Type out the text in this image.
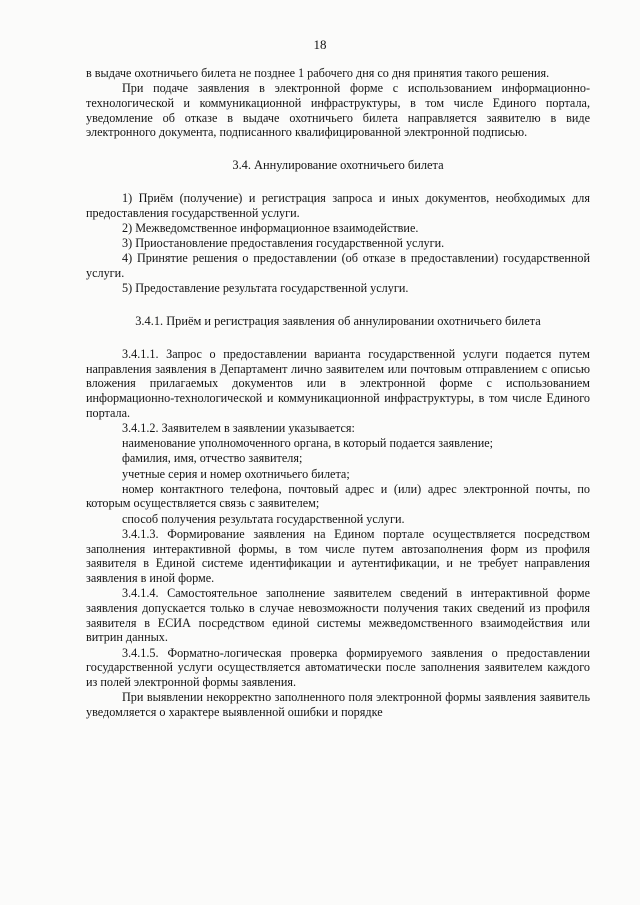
18

в выдаче охотничьего билета не позднее 1 рабочего дня со дня принятия такого решения.

При подаче заявления в электронной форме с использованием информационно-технологической и коммуникационной инфраструктуры, в том числе Единого портала, уведомление об отказе в выдаче охотничьего билета направляется заявителю в виде электронного документа, подписанного квалифицированной электронной подписью.

3.4. Аннулирование охотничьего билета

1) Приём (получение) и регистрация запроса и иных документов, необходимых для предоставления государственной услуги.

2) Межведомственное информационное взаимодействие.

3) Приостановление предоставления государственной услуги.

4) Принятие решения о предоставлении (об отказе в предоставлении) государственной услуги.

5) Предоставление результата государственной услуги.

3.4.1. Приём и регистрация заявления об аннулировании охотничьего билета

3.4.1.1. Запрос о предоставлении варианта государственной услуги подается путем направления заявления в Департамент лично заявителем или почтовым отправлением с описью вложения прилагаемых документов или в электронной форме с использованием информационно-технологической и коммуникационной инфраструктуры, в том числе Единого портала.

3.4.1.2. Заявителем в заявлении указывается:

наименование уполномоченного органа, в который подается заявление;

фамилия, имя, отчество заявителя;

учетные серия и номер охотничьего билета;

номер контактного телефона, почтовый адрес и (или) адрес электронной почты, по которым осуществляется связь с заявителем;

способ получения результата государственной услуги.

3.4.1.3. Формирование заявления на Едином портале осуществляется посредством заполнения интерактивной формы, в том числе путем автозаполнения форм из профиля заявителя в Единой системе идентификации и аутентификации, и не требует направления заявления в иной форме.

3.4.1.4. Самостоятельное заполнение заявителем сведений в интерактивной форме заявления допускается только в случае невозможности получения таких сведений из профиля заявителя в ЕСИА посредством единой системы межведомственного взаимодействия или витрин данных.

3.4.1.5. Форматно-логическая проверка формируемого заявления о предоставлении государственной услуги осуществляется автоматически после заполнения заявителем каждого из полей электронной формы заявления.

При выявлении некорректно заполненного поля электронной формы заявления заявитель уведомляется о характере выявленной ошибки и порядке
